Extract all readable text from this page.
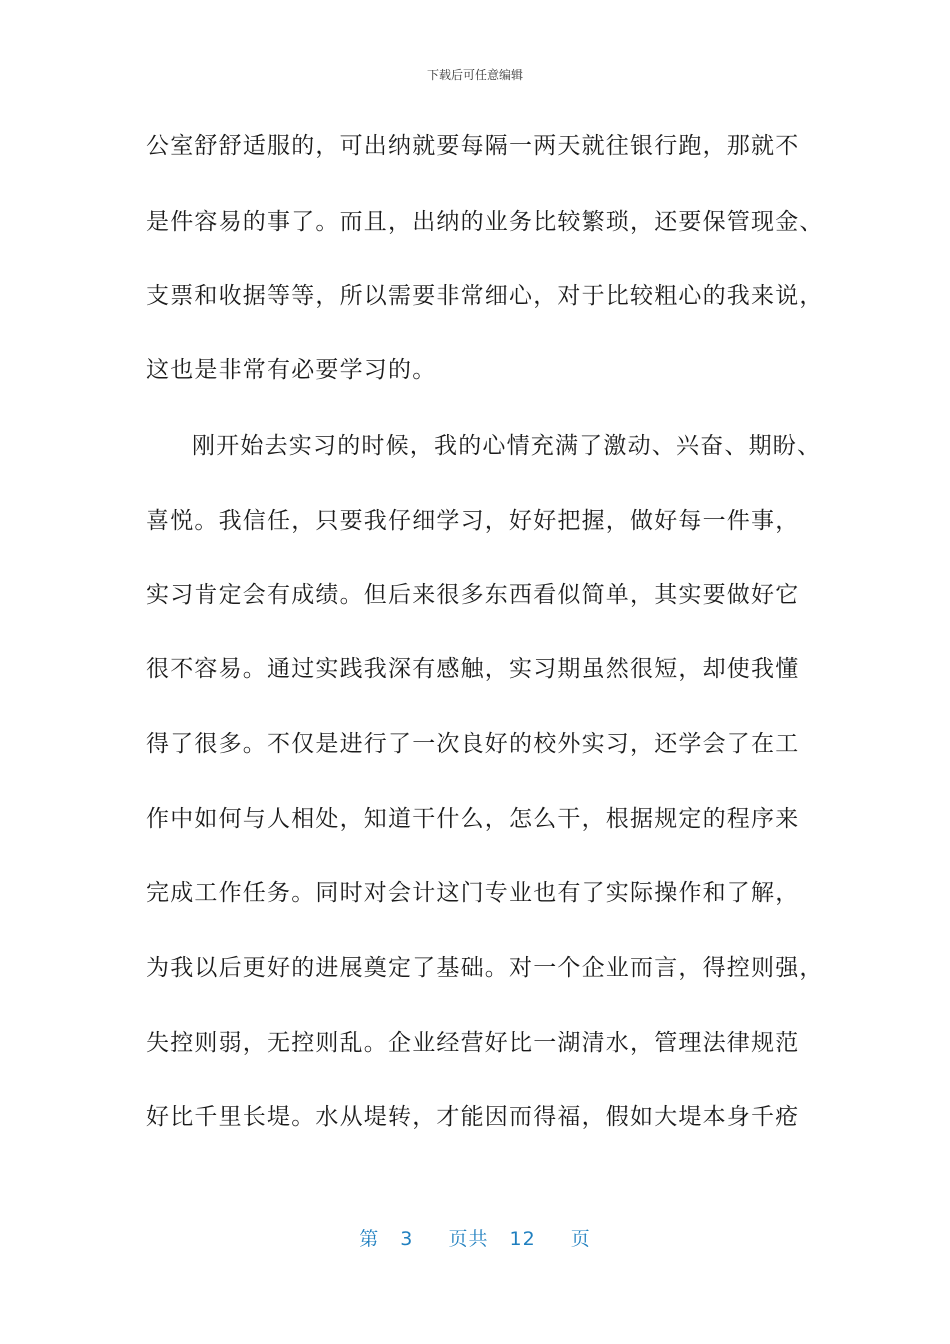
下载后可任意编辑
公室舒舒适服的，可出纳就要每隔一两天就往银行跑，那就不
是件容易的事了。而且，出纳的业务比较繁琐，还要保管现金、
支票和收据等等，所以需要非常细心，对于比较粗心的我来说，
这也是非常有必要学习的。
刚开始去实习的时候，我的心情充满了激动、兴奋、期盼、
喜悦。我信任，只要我仔细学习，好好把握，做好每一件事，
实习肯定会有成绩。但后来很多东西看似简单，其实要做好它
很不容易。通过实践我深有感触，实习期虽然很短，却使我懂
得了很多。不仅是进行了一次良好的校外实习，还学会了在工
作中如何与人相处，知道干什么，怎么干，根据规定的程序来
完成工作任务。同时对会计这门专业也有了实际操作和了解，
为我以后更好的进展奠定了基础。对一个企业而言，得控则强，
失控则弱，无控则乱。企业经营好比一湖清水，管理法律规范
好比千里长堤。水从堤转，才能因而得福，假如大堤本身千疮
第 3 页共 12 页
